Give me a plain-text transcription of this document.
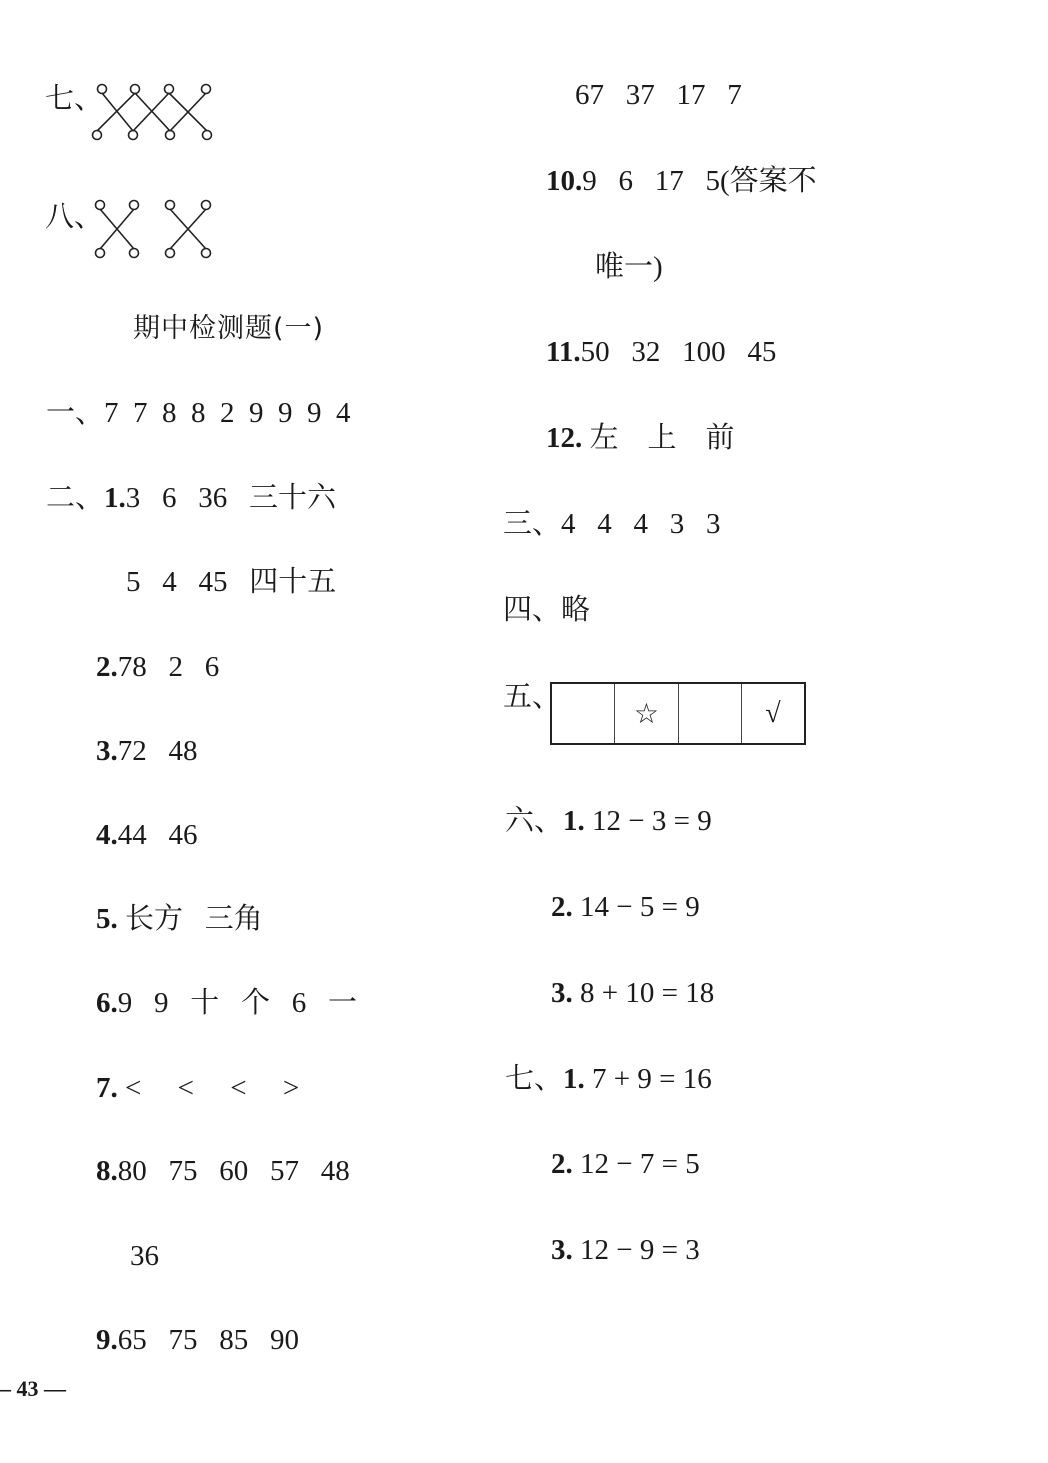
七、
八、
期中检测题(一)
一、7  7  8  8  2  9  9  9  4
二、1.3   6   36   三十六
5   4   45   四十五
2.78   2   6
3.72   48
4.44   46
5. 长方   三角
6.9   9   十   个   6   一
7. <     <     <     >
8.80   75   60   57   48
36
9.65   75   85   90
67   37   17   7
10.9   6   17   5(答案不
唯一)
11.50   32   100   45
12. 左    上    前
三、4   4   4   3   3
四、略
五、
☆	√
六、1. 12 − 3 = 9
2. 14 − 5 = 9
3. 8 + 10 = 18
七、1. 7 + 9 = 16
2. 12 − 7 = 5
3. 12 − 9 = 3
– 43 —
